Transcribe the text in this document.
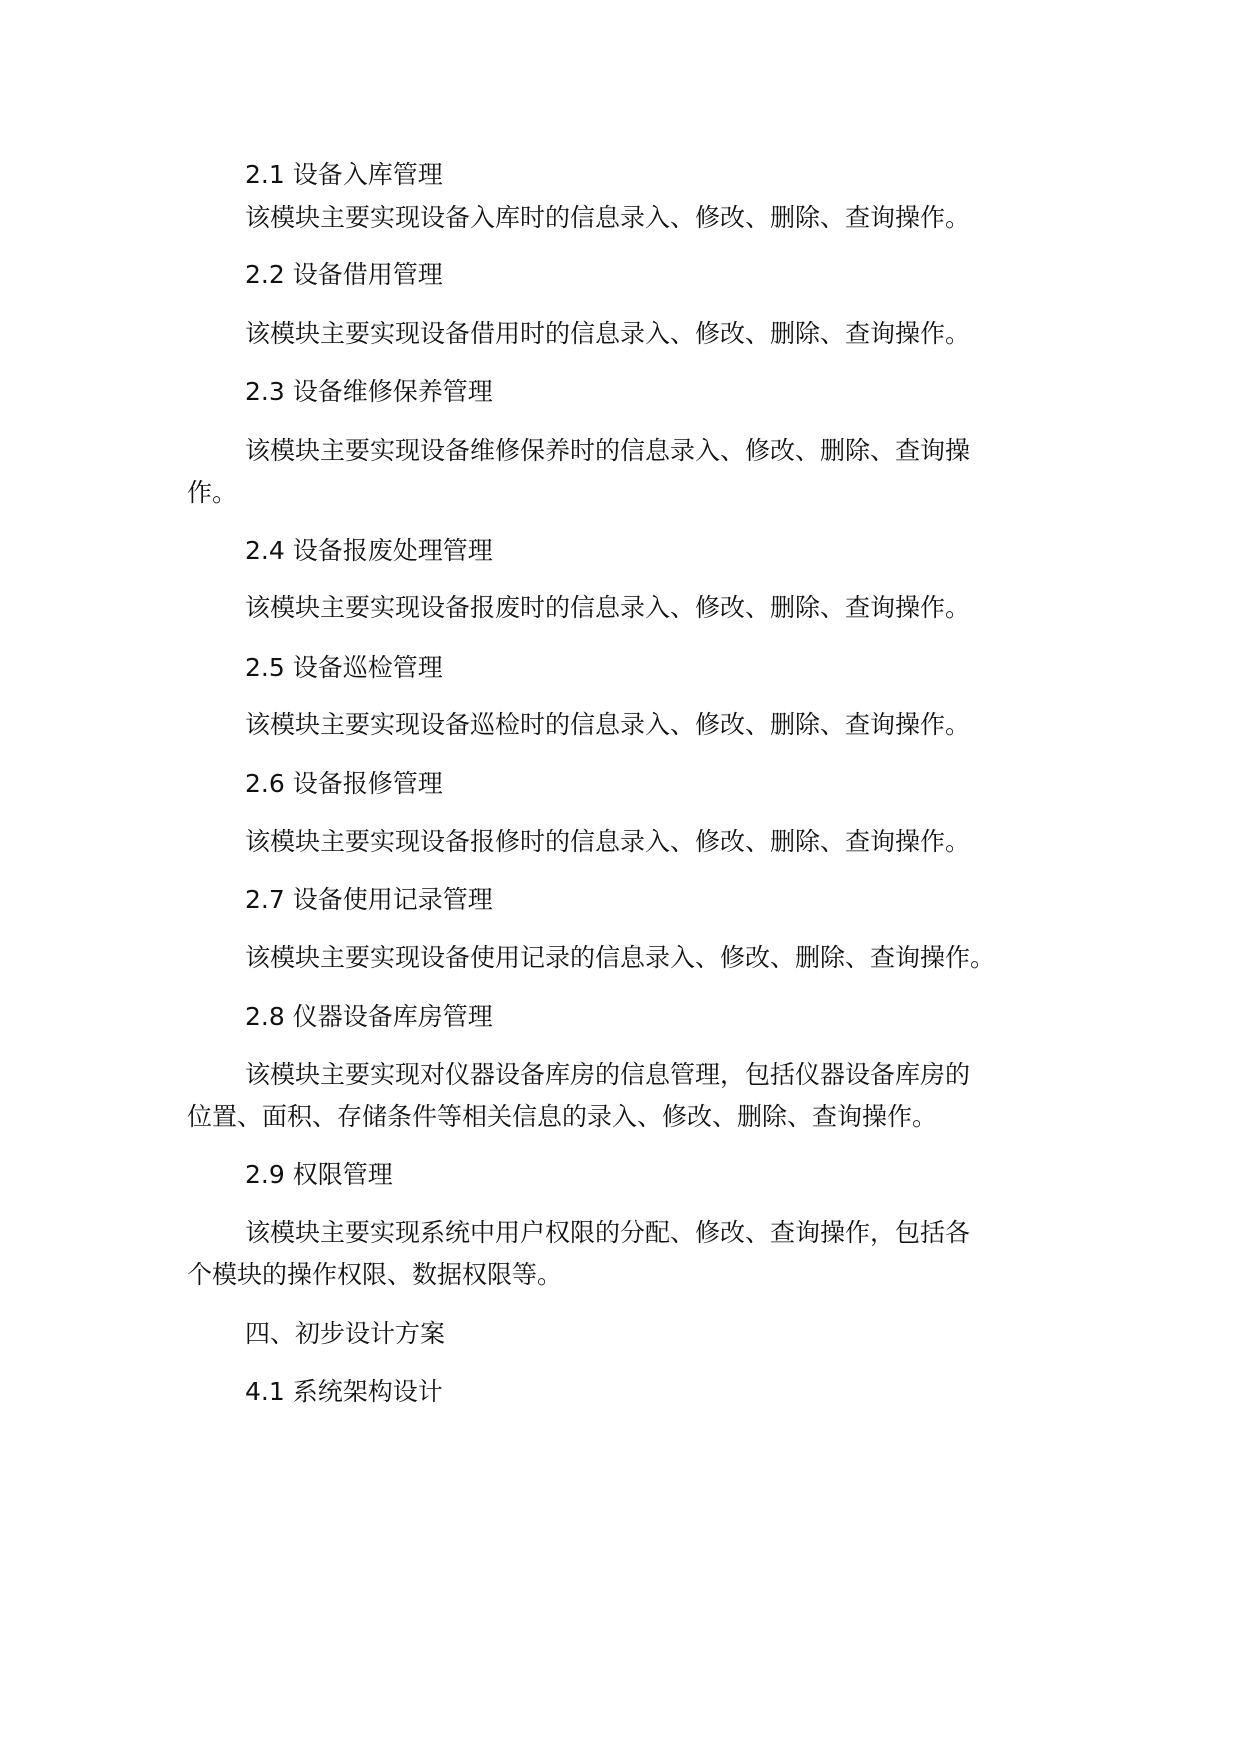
2.1 设备入库管理

该模块主要实现设备入库时的信息录入、修改、删除、查询操作。

2.2 设备借用管理

该模块主要实现设备借用时的信息录入、修改、删除、查询操作。

2.3 设备维修保养管理

该模块主要实现设备维修保养时的信息录入、修改、删除、查询操

作。

2.4 设备报废处理管理

该模块主要实现设备报废时的信息录入、修改、删除、查询操作。

2.5 设备巡检管理

该模块主要实现设备巡检时的信息录入、修改、删除、查询操作。

2.6 设备报修管理

该模块主要实现设备报修时的信息录入、修改、删除、查询操作。

2.7 设备使用记录管理

该模块主要实现设备使用记录的信息录入、修改、删除、查询操作。

2.8 仪器设备库房管理

该模块主要实现对仪器设备库房的信息管理，包括仪器设备库房的

位置、面积、存储条件等相关信息的录入、修改、删除、查询操作。

2.9 权限管理

该模块主要实现系统中用户权限的分配、修改、查询操作，包括各

个模块的操作权限、数据权限等。

四、初步设计方案

4.1 系统架构设计
